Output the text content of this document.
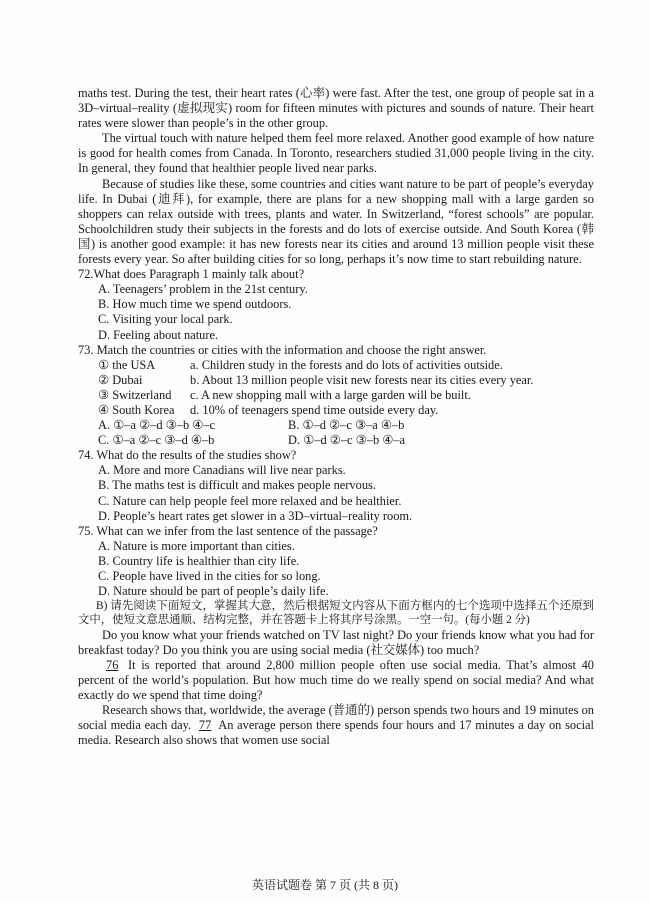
maths test. During the test, their heart rates (心率) were fast. After the test, one group of people sat in a 3D–virtual–reality (虚拟现实) room for fifteen minutes with pictures and sounds of nature. Their heart rates were slower than people’s in the other group.

The virtual touch with nature helped them feel more relaxed. Another good example of how nature is good for health comes from Canada. In Toronto, researchers studied 31,000 people living in the city. In general, they found that healthier people lived near parks.

Because of studies like these, some countries and cities want nature to be part of people’s everyday life. In Dubai (迪拜), for example, there are plans for a new shopping mall with a large garden so shoppers can relax outside with trees, plants and water. In Switzerland, “forest schools” are popular. Schoolchildren study their subjects in the forests and do lots of exercise outside. And South Korea (韩国) is another good example: it has new forests near its cities and around 13 million people visit these forests every year. So after building cities for so long, perhaps it’s now time to start rebuilding nature.

72.What does Paragraph 1 mainly talk about?

A. Teenagers’ problem in the 21st century.

B. How much time we spend outdoors.

C. Visiting your local park.

D. Feeling about nature.

73. Match the countries or cities with the information and choose the right answer.

① the USA	a. Children study in the forests and do lots of activities outside.
② Dubai	b. About 13 million people visit new forests near its cities every year.
③ Switzerland	c. A new shopping mall with a large garden will be built.
④ South Korea	d. 10% of teenagers spend time outside every day.
A. ①–a ②–d ③–b ④–c	B. ①–d ②–c ③–a ④–b
C. ①–a ②–c ③–d ④–b	D. ①–d ②–c ③–b ④–a

74. What do the results of the studies show?

A. More and more Canadians will live near parks.

B. The maths test is difficult and makes people nervous.

C. Nature can help people feel more relaxed and be healthier.

D. People’s heart rates get slower in a 3D–virtual–reality room.

75. What can we infer from the last sentence of the passage?

A. Nature is more important than cities.

B. Country life is healthier than city life.

C. People have lived in the cities for so long.

D. Nature should be part of people’s daily life.

B) 请先阅读下面短文，掌握其大意，然后根据短文内容从下面方框内的七个选项中选择五个还原到文中，使短文意思通顺、结构完整，并在答题卡上将其序号涂黑。一空一句。(每小题 2 分)

Do you know what your friends watched on TV last night? Do your friends know what you had for breakfast today? Do you think you are using social media (社交媒体) too much?

76 It is reported that around 2,800 million people often use social media. That’s almost 40 percent of the world’s population. But how much time do we really spend on social media? And what exactly do we spend that time doing?

Research shows that, worldwide, the average (普通的) person spends two hours and 19 minutes on social media each day. 77 An average person there spends four hours and 17 minutes a day on social media. Research also shows that women use social

英语试题卷 第 7 页 (共 8 页)
